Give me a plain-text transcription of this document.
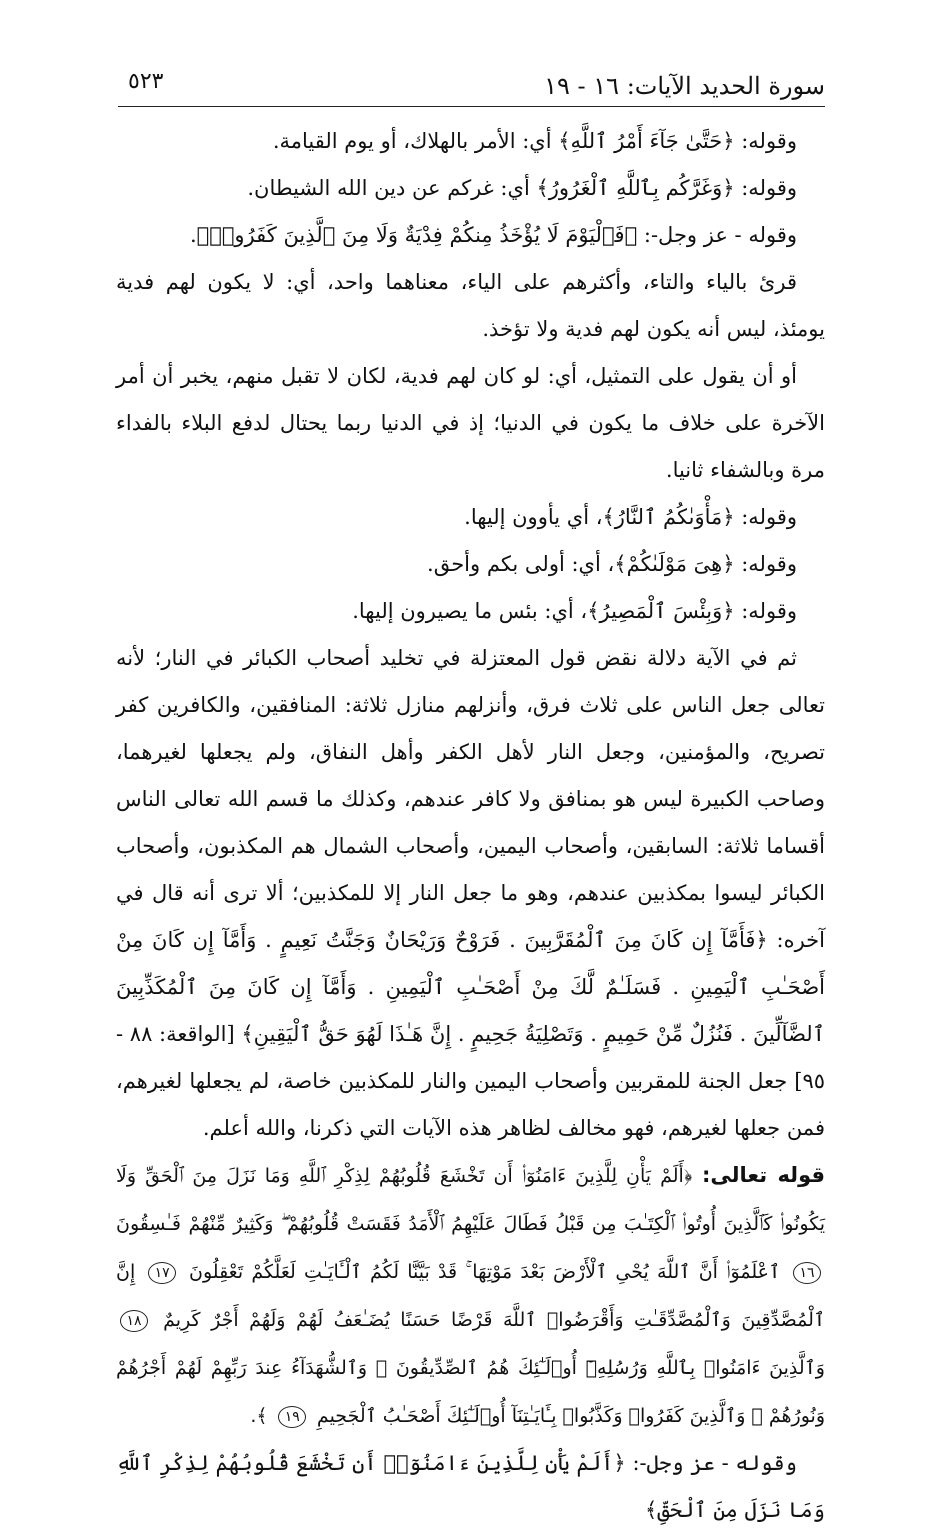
سورة الحديد الآيات: ١٦ - ١٩
٥٢٣

وقوله: ﴿حَتَّىٰ جَآءَ أَمْرُ ٱللَّهِ﴾ أي: الأمر بالهلاك، أو يوم القيامة.

وقوله: ﴿وَغَرَّكُم بِٱللَّهِ ٱلْغَرُورُ﴾ أي: غركم عن دين الله الشيطان.

وقوله - عز وجل-: ﴿فَٱلْيَوْمَ لَا يُؤْخَذُ مِنكُمْ فِدْيَةٌ وَلَا مِنَ ٱلَّذِينَ كَفَرُوا۟﴾.

قرئ بالياء والتاء، وأكثرهم على الياء، معناهما واحد، أي: لا يكون لهم فدية يومئذ، ليس أنه يكون لهم فدية ولا تؤخذ.

أو أن يقول على التمثيل، أي: لو كان لهم فدية، لكان لا تقبل منهم، يخبر أن أمر الآخرة على خلاف ما يكون في الدنيا؛ إذ في الدنيا ربما يحتال لدفع البلاء بالفداء مرة وبالشفاء ثانيا.

وقوله: ﴿مَأْوَىٰكُمُ ٱلنَّارُ﴾، أي يأوون إليها.

وقوله: ﴿هِىَ مَوْلَىٰكُمْ﴾، أي: أولى بكم وأحق.

وقوله: ﴿وَبِئْسَ ٱلْمَصِيرُ﴾، أي: بئس ما يصيرون إليها.

ثم في الآية دلالة نقض قول المعتزلة في تخليد أصحاب الكبائر في النار؛ لأنه تعالى جعل الناس على ثلاث فرق، وأنزلهم منازل ثلاثة: المنافقين، والكافرين كفر تصريح، والمؤمنين، وجعل النار لأهل الكفر وأهل النفاق، ولم يجعلها لغيرهما، وصاحب الكبيرة ليس هو بمنافق ولا كافر عندهم، وكذلك ما قسم الله تعالى الناس أقساما ثلاثة: السابقين، وأصحاب اليمين، وأصحاب الشمال هم المكذبون، وأصحاب الكبائر ليسوا بمكذبين عندهم، وهو ما جعل النار إلا للمكذبين؛ ألا ترى أنه قال في آخره: ﴿فَأَمَّآ إِن كَانَ مِنَ ٱلْمُقَرَّبِينَ . فَرَوْحٌ وَرَيْحَانٌ وَجَنَّتُ نَعِيمٍ . وَأَمَّآ إِن كَانَ مِنْ أَصْحَـٰبِ ٱلْيَمِينِ . فَسَلَـٰمٌ لَّكَ مِنْ أَصْحَـٰبِ ٱلْيَمِينِ . وَأَمَّآ إِن كَانَ مِنَ ٱلْمُكَذِّبِينَ ٱلضَّآلِّينَ . فَنُزُلٌ مِّنْ حَمِيمٍ . وَتَصْلِيَةُ جَحِيمٍ . إِنَّ هَـٰذَا لَهُوَ حَقُّ ٱلْيَقِينِ﴾ [الواقعة: ٨٨ - ٩٥] جعل الجنة للمقربين وأصحاب اليمين والنار للمكذبين خاصة، لم يجعلها لغيرهم، فمن جعلها لغيرهم، فهو مخالف لظاهر هذه الآيات التي ذكرنا، والله أعلم.

قوله تعالى: ﴿أَلَمْ يَأْنِ لِلَّذِينَ ءَامَنُوٓا۟ أَن تَخْشَعَ قُلُوبُهُمْ لِذِكْرِ ٱللَّهِ وَمَا نَزَلَ مِنَ ٱلْحَقِّ وَلَا يَكُونُوا۟ كَٱلَّذِينَ أُوتُوا۟ ٱلْكِتَـٰبَ مِن قَبْلُ فَطَالَ عَلَيْهِمُ ٱلْأَمَدُ فَقَسَتْ قُلُوبُهُمْ ۖ وَكَثِيرٌ مِّنْهُمْ فَـٰسِقُونَ ١٦ ٱعْلَمُوٓا۟ أَنَّ ٱللَّهَ يُحْىِ ٱلْأَرْضَ بَعْدَ مَوْتِهَا ۚ قَدْ بَيَّنَّا لَكُمُ ٱلْـَٔايَـٰتِ لَعَلَّكُمْ تَعْقِلُونَ ١٧ إِنَّ ٱلْمُصَّدِّقِينَ وَٱلْمُصَّدِّقَـٰتِ وَأَقْرَضُوا۟ ٱللَّهَ قَرْضًا حَسَنًا يُضَـٰعَفُ لَهُمْ وَلَهُمْ أَجْرٌ كَرِيمٌ ١٨ وَٱلَّذِينَ ءَامَنُوا۟ بِٱللَّهِ وَرُسُلِهِۦٓ أُو۟لَـٰٓئِكَ هُمُ ٱلصِّدِّيقُونَ ۖ وَٱلشُّهَدَآءُ عِندَ رَبِّهِمْ لَهُمْ أَجْرُهُمْ وَنُورُهُمْ ۖ وَٱلَّذِينَ كَفَرُوا۟ وَكَذَّبُوا۟ بِـَٔايَـٰتِنَآ أُو۟لَـٰٓئِكَ أَصْحَـٰبُ ٱلْجَحِيمِ ١٩ ﴾.

وقوله - عز وجل-: ﴿أَلَمْ يَأْنِ لِلَّذِينَ ءَامَنُوٓا۟ أَن تَخْشَعَ قُلُوبُهُمْ لِذِكْرِ ٱللَّهِ وَمَا نَزَلَ مِنَ ٱلْحَقِّ﴾
